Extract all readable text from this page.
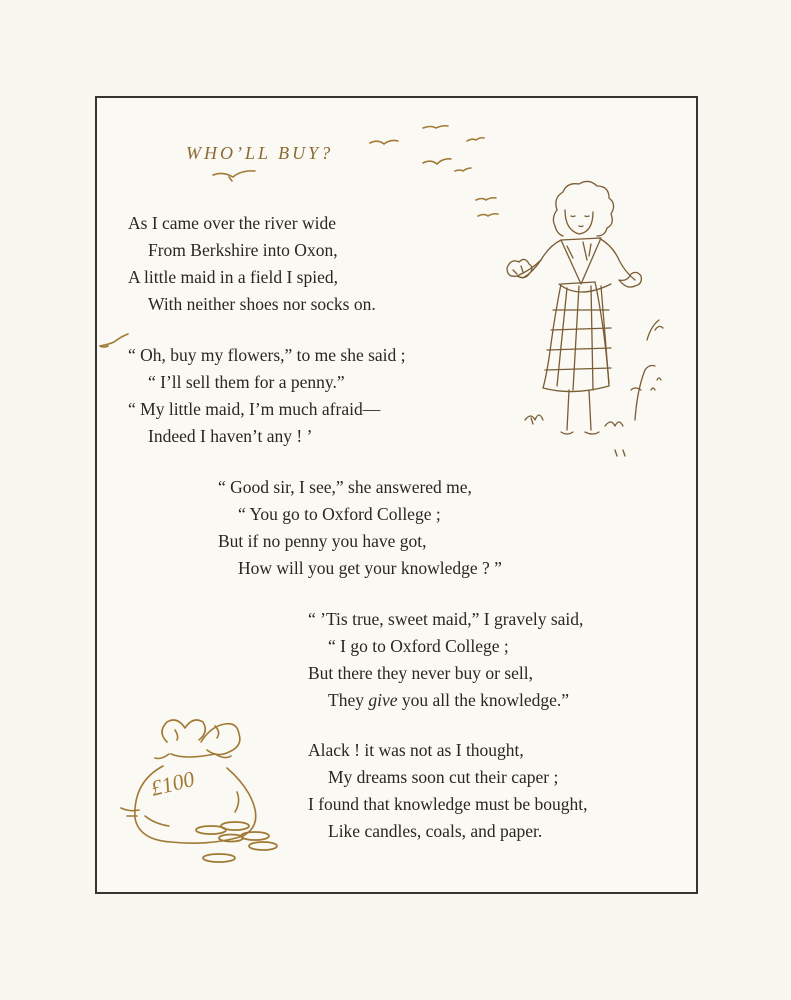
WHO’LL BUY?
As I came over the river wide
From Berkshire into Oxon,
A little maid in a field I spied,
With neither shoes nor socks on.
“ Oh, buy my flowers,” to me she said ;
“ I’ll sell them for a penny.”
“ My little maid, I’m much afraid—
Indeed I haven’t any ! ’
“ Good sir, I see,” she answered me,
“ You go to Oxford College ;
But if no penny you have got,
How will you get your knowledge ? ”
“ ’Tis true, sweet maid,” I gravely said,
“ I go to Oxford College ;
But there they never buy or sell,
They give you all the knowledge.”
Alack ! it was not as I thought,
My dreams soon cut their caper ;
I found that knowledge must be bought,
Like candles, coals, and paper.
£100
